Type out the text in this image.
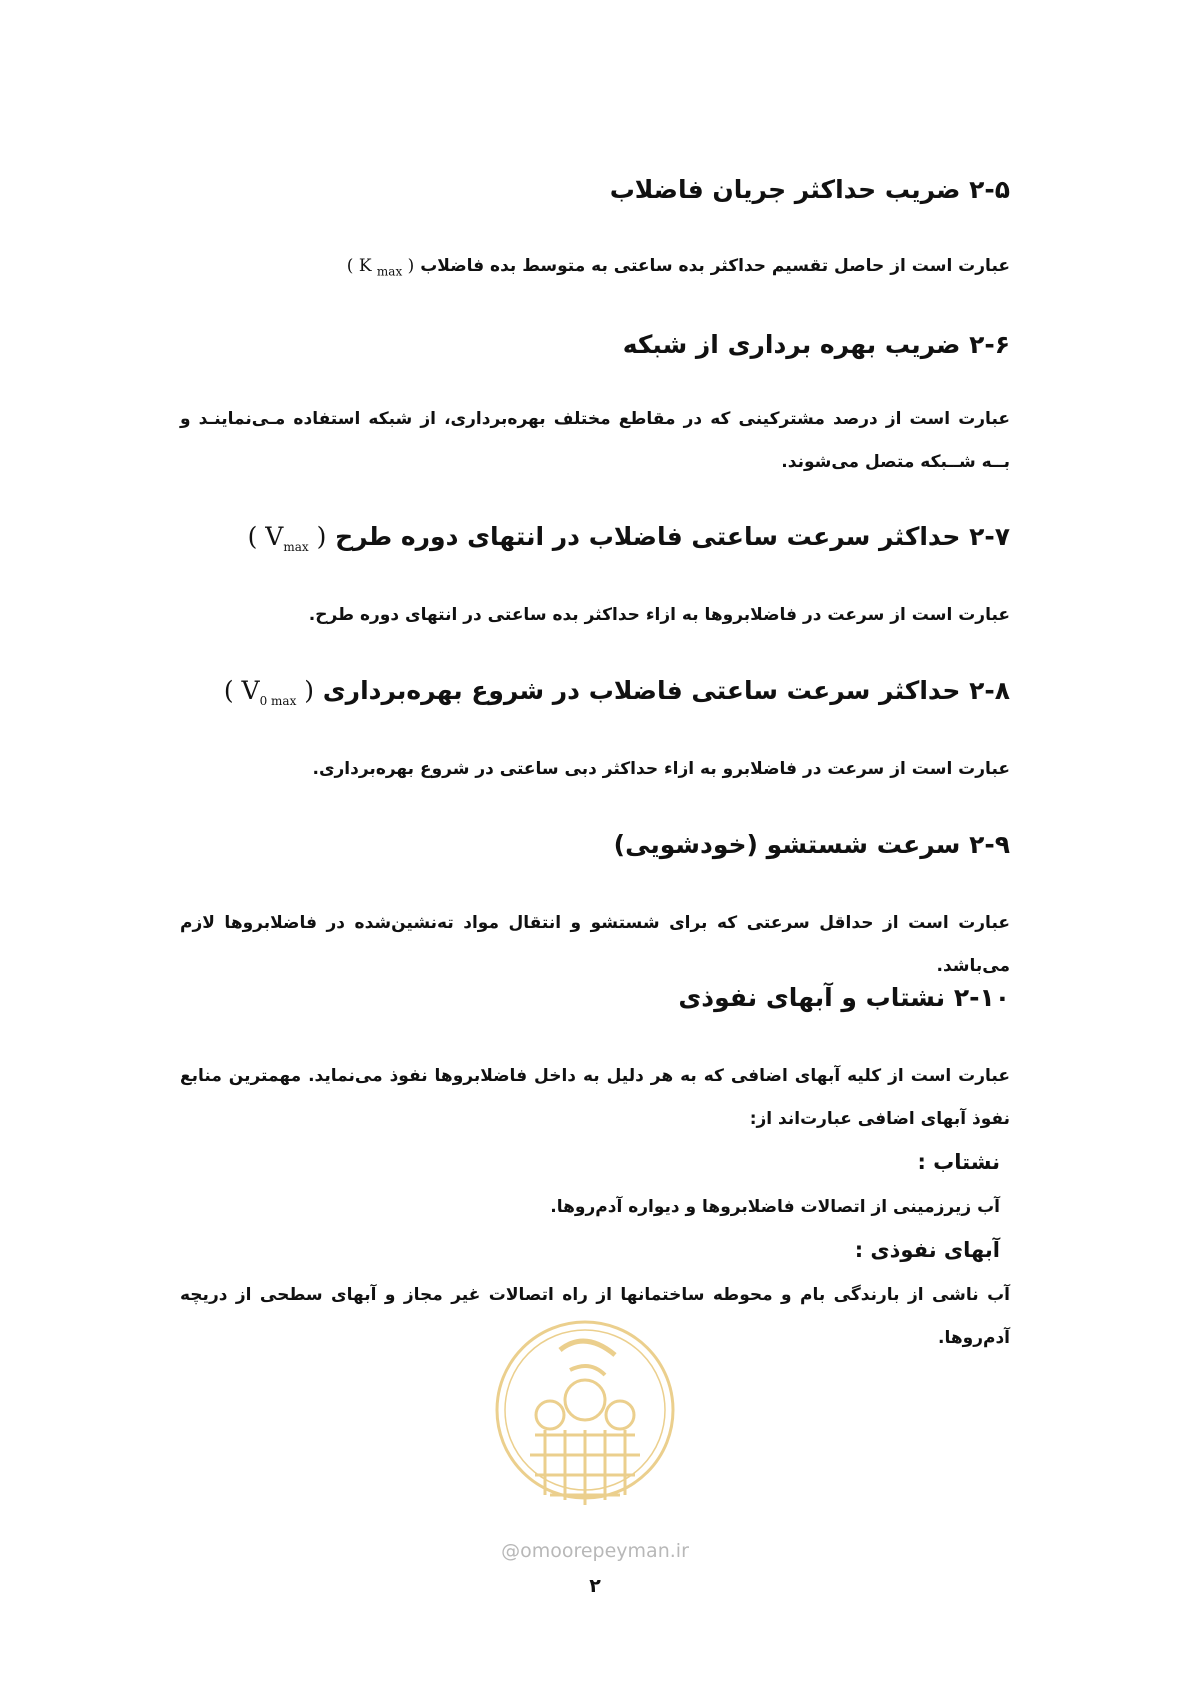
۲-۵ ضریب حداکثر جریان فاضلاب

عبارت است از حاصل تقسیم حداکثر بده ساعتی به متوسط بده فاضلاب ( K $_{max}$ )

۲-۶ ضریب بهره برداری از شبکه

عبارت است از درصد مشترکینی که در مقاطع مختلف بهره‌برداری، از شبکه استفاده مـی‌نماینـد و بــه شــبکه متصل می‌شوند.

۲-۷ حداکثر سرعت ساعتی فاضلاب در انتهای دوره طرح ( $V_{max}$ )

عبارت است از سرعت در فاضلابروها به ازاء حداکثر بده ساعتی در انتهای دوره طرح.

۲-۸ حداکثر سرعت ساعتی فاضلاب در شروع بهره‌برداری ( $V_{0 max}$ )

عبارت است از سرعت در فاضلابرو به ازاء حداکثر دبی ساعتی در شروع بهره‌برداری.

۲-۹ سرعت شستشو (خودشویی)

عبارت است از حداقل سرعتی که برای شستشو و انتقال مواد ته‌نشین‌شده در فاضلابروها لازم می‌باشد.

۲-۱۰ نشتاب و آبهای نفوذی

عبارت است از کلیه آبهای اضافی که به هر دلیل به داخل فاضلابروها نفوذ می‌نماید. مهمترین منابع نفوذ آبهای اضافی عبارت‌اند از:

نشتاب :

آب زیرزمینی از اتصالات فاضلابروها و دیواره آدم‌روها.

آبهای نفوذی :

آب ناشی از بارندگی بام و محوطه ساختمانها از راه اتصالات غیر مجاز و آبهای سطحی از دریچه آدم‌روها.

@omoorepeyman.ir
۲
